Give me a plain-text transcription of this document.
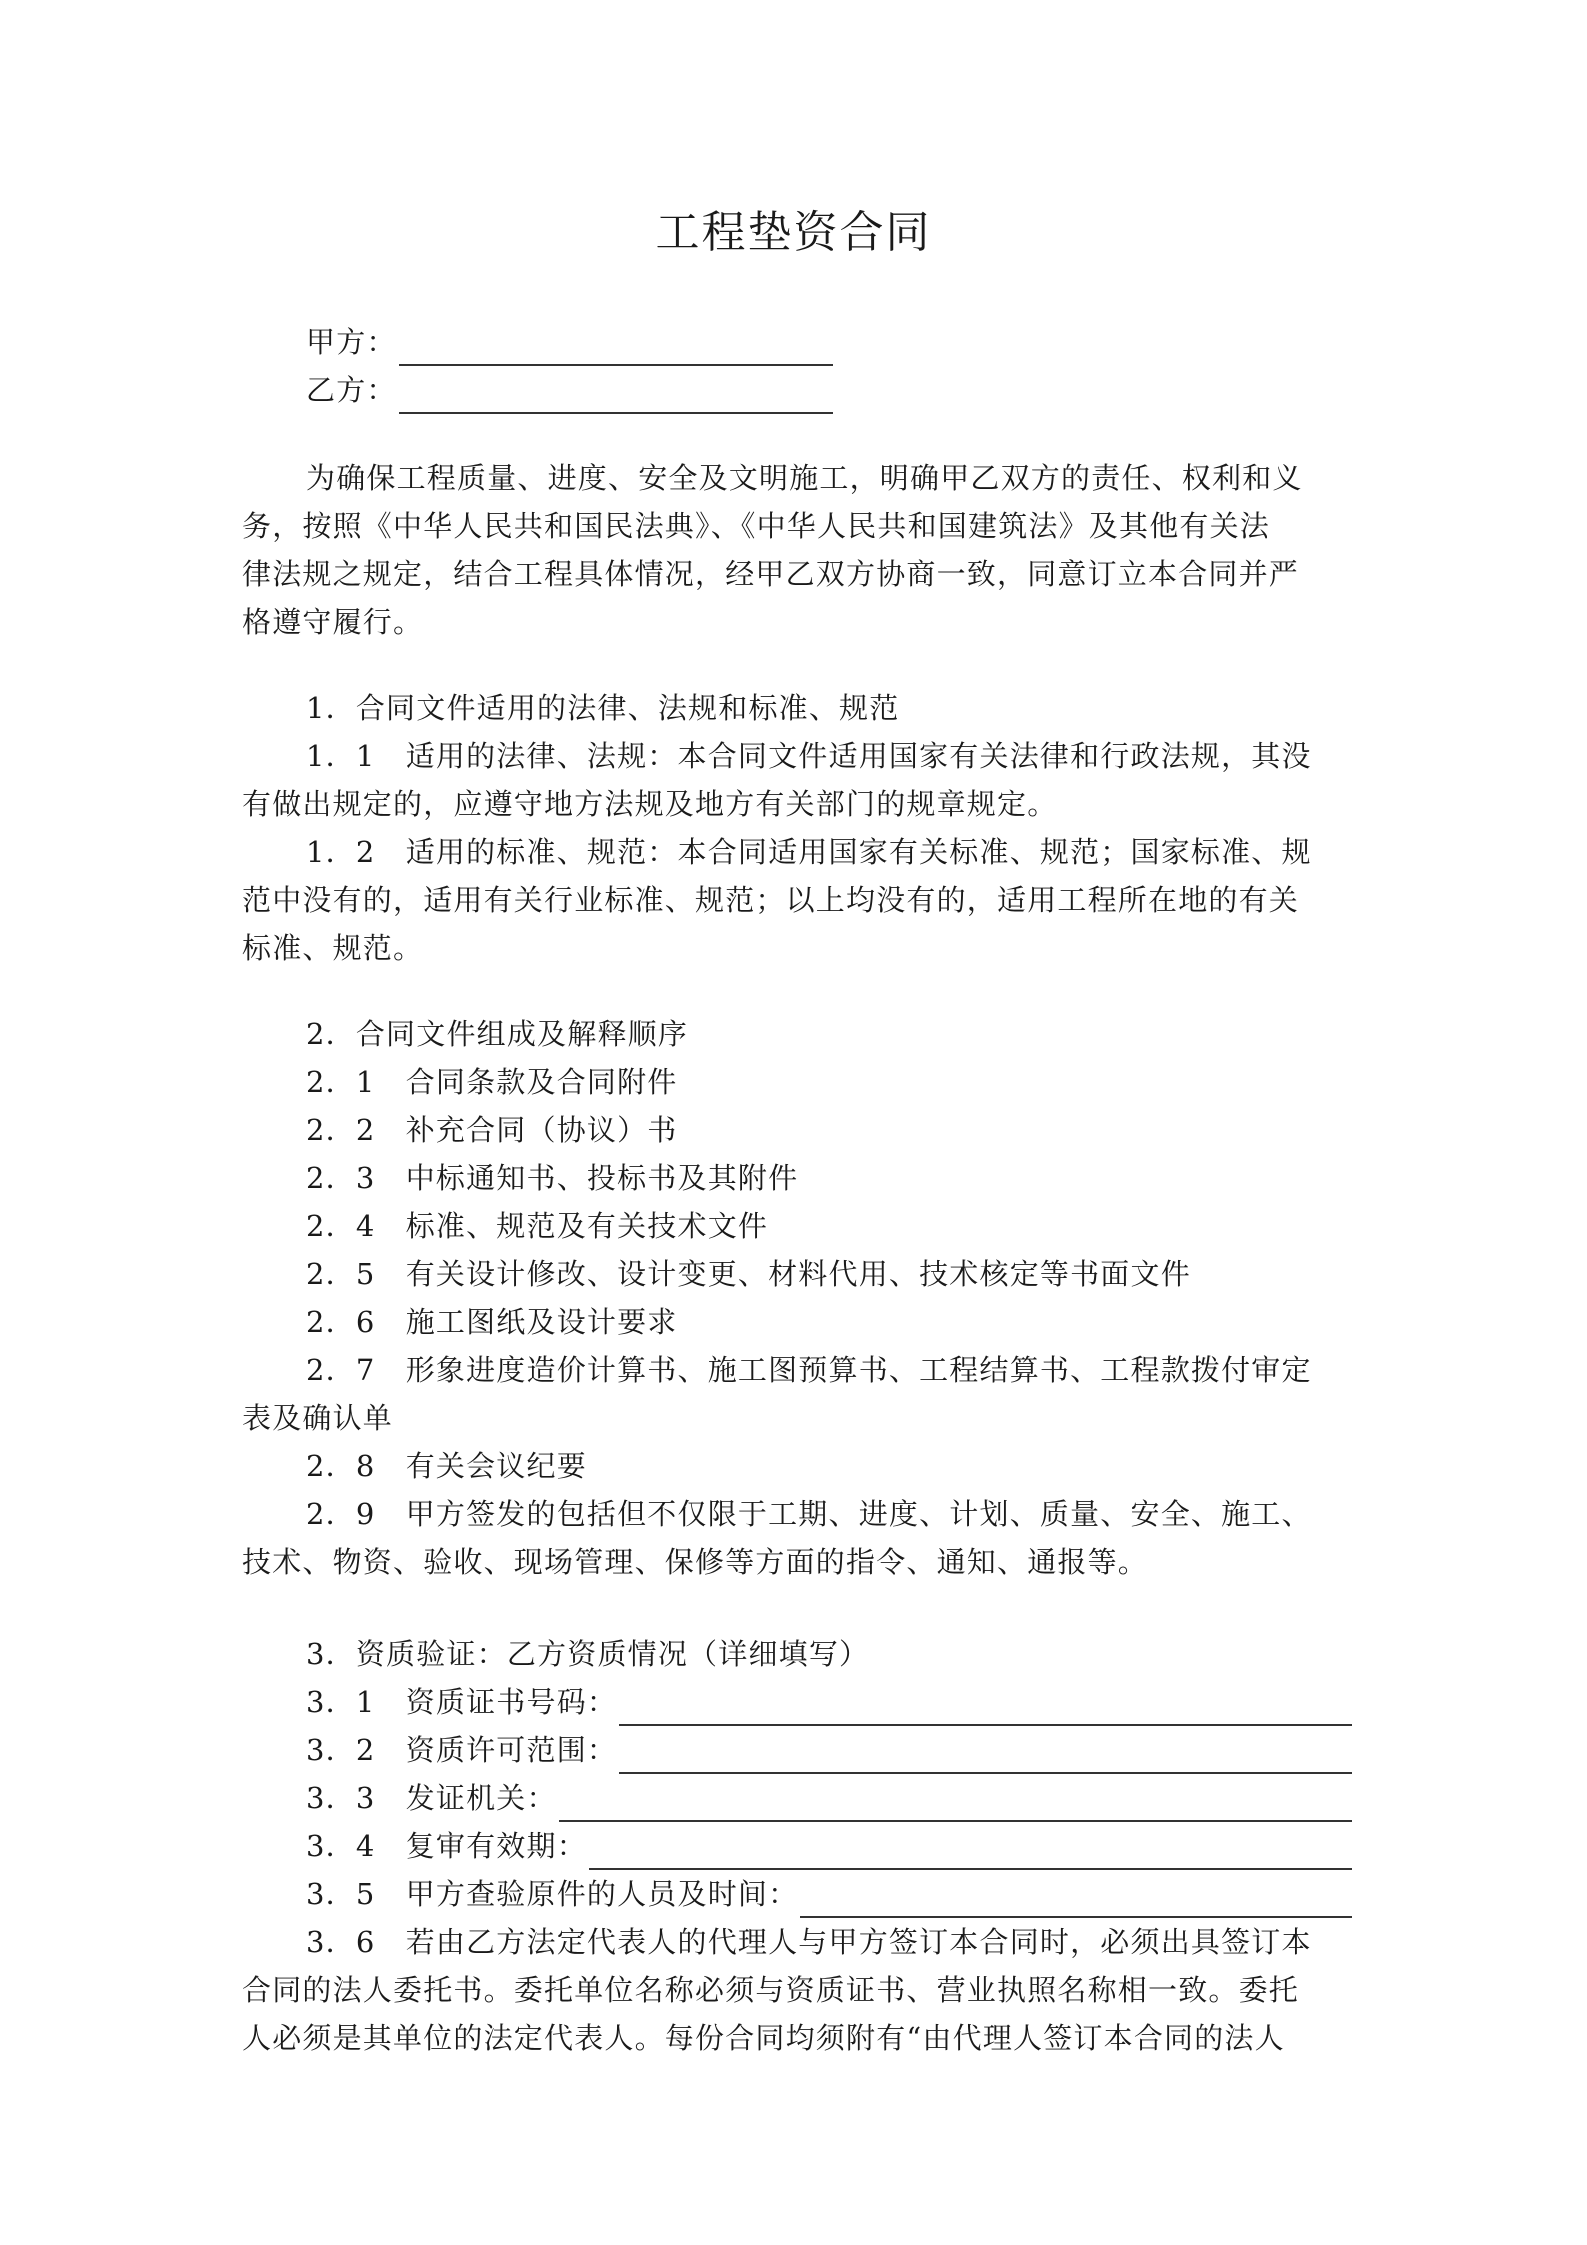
工程垫资合同
甲方：
乙方：
为确保工程质量、进度、安全及文明施工，明确甲乙双方的责任、权利和义
务，按照《中华人民共和国民法典》、《中华人民共和国建筑法》及其他有关法
律法规之规定，结合工程具体情况，经甲乙双方协商一致，同意订立本合同并严
格遵守履行。
1．合同文件适用的法律、法规和标准、规范
1．1　适用的法律、法规：本合同文件适用国家有关法律和行政法规，其没
有做出规定的，应遵守地方法规及地方有关部门的规章规定。
1．2　适用的标准、规范：本合同适用国家有关标准、规范；国家标准、规
范中没有的，适用有关行业标准、规范；以上均没有的，适用工程所在地的有关
标准、规范。
2．合同文件组成及解释顺序
2．1　合同条款及合同附件
2．2　补充合同（协议）书
2．3　中标通知书、投标书及其附件
2．4　标准、规范及有关技术文件
2．5　有关设计修改、设计变更、材料代用、技术核定等书面文件
2．6　施工图纸及设计要求
2．7　形象进度造价计算书、施工图预算书、工程结算书、工程款拨付审定
表及确认单
2．8　有关会议纪要
2．9　甲方签发的包括但不仅限于工期、进度、计划、质量、安全、施工、
技术、物资、验收、现场管理、保修等方面的指令、通知、通报等。
3．资质验证：乙方资质情况（详细填写）
3．1　资质证书号码：
3．2　资质许可范围：
3．3　发证机关：
3．4　复审有效期：
3．5　甲方查验原件的人员及时间：
3．6　若由乙方法定代表人的代理人与甲方签订本合同时，必须出具签订本
合同的法人委托书。委托单位名称必须与资质证书、营业执照名称相一致。委托
人必须是其单位的法定代表人。每份合同均须附有“由代理人签订本合同的法人
